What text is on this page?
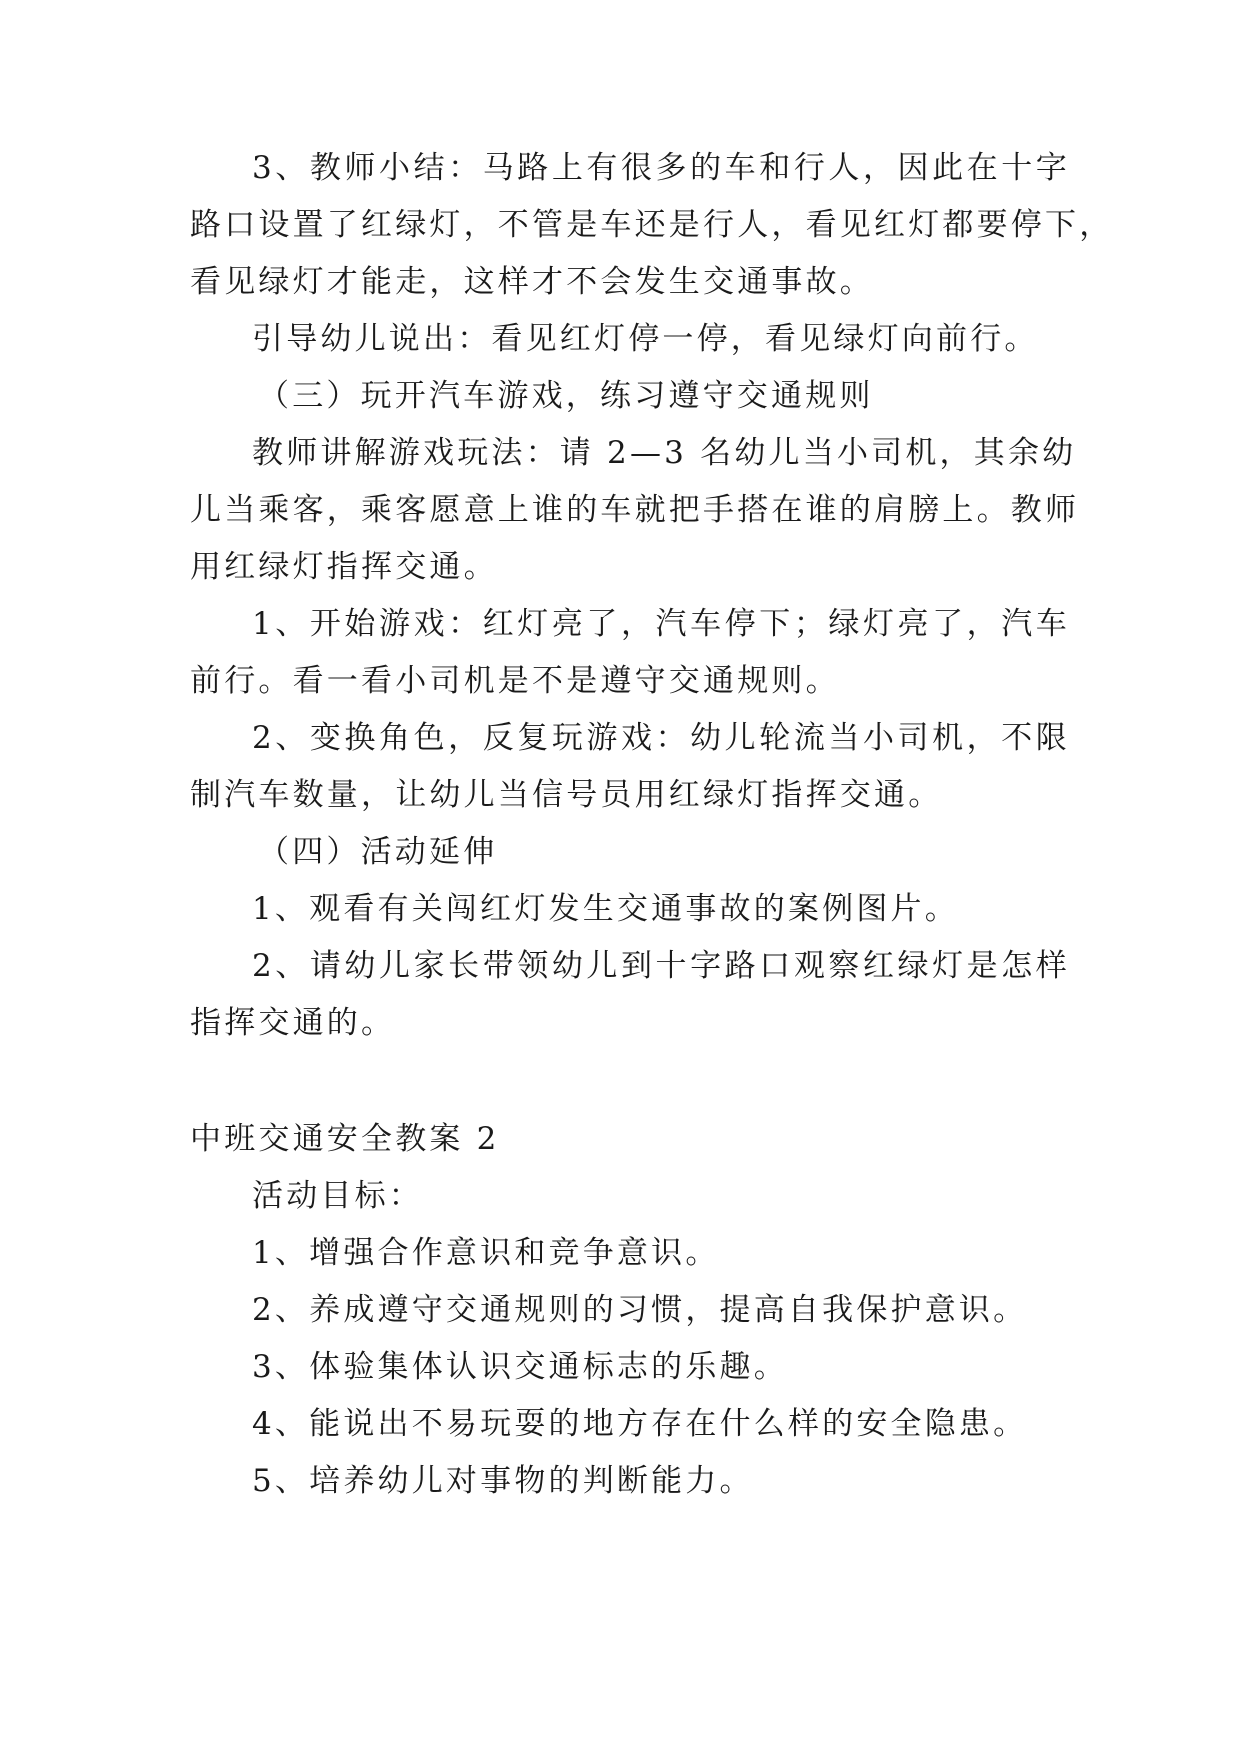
3、教师小结：马路上有很多的车和行人，因此在十字
路口设置了红绿灯，不管是车还是行人，看见红灯都要停下，
看见绿灯才能走，这样才不会发生交通事故。
引导幼儿说出：看见红灯停一停，看见绿灯向前行。
（三）玩开汽车游戏，练习遵守交通规则
教师讲解游戏玩法：请 2—3 名幼儿当小司机，其余幼
儿当乘客，乘客愿意上谁的车就把手搭在谁的肩膀上。教师
用红绿灯指挥交通。
1、开始游戏：红灯亮了，汽车停下；绿灯亮了，汽车
前行。看一看小司机是不是遵守交通规则。
2、变换角色，反复玩游戏：幼儿轮流当小司机，不限
制汽车数量，让幼儿当信号员用红绿灯指挥交通。
（四）活动延伸
1、观看有关闯红灯发生交通事故的案例图片。
2、请幼儿家长带领幼儿到十字路口观察红绿灯是怎样
指挥交通的。
中班交通安全教案 2
活动目标：
1、增强合作意识和竞争意识。
2、养成遵守交通规则的习惯，提高自我保护意识。
3、体验集体认识交通标志的乐趣。
4、能说出不易玩耍的地方存在什么样的安全隐患。
5、培养幼儿对事物的判断能力。
